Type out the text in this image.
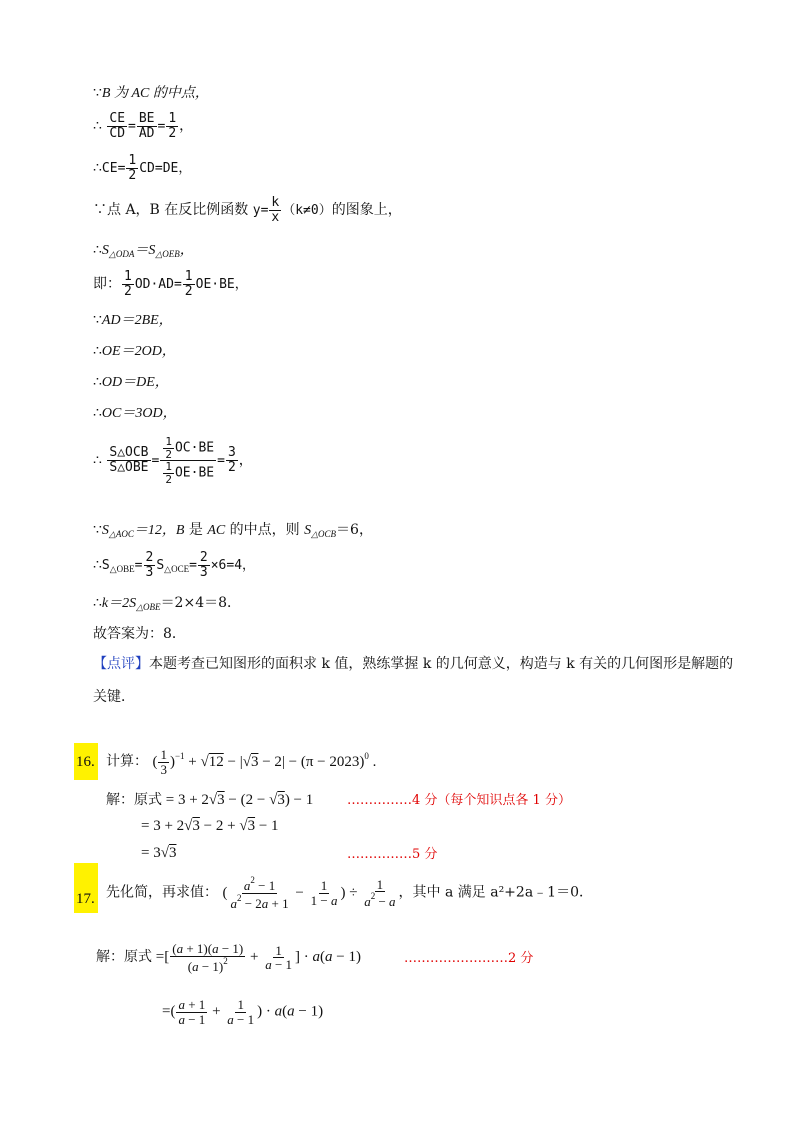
∵B 为 AC 的中点，
∴ $\frac{CE}{CD} = \frac{BE}{AD} = \frac{1}{2}$ ，
∴CE= $\frac{1}{2} CD=DE$，
∵点 A，B 在反比例函数 $y= \frac{k}{x} (k\ne 0)$的图象上，
$\therefore S_{\triangle ODA}=S_{\triangle OEB}$，
即： $\frac{1}{2} OD\cdot AD= \frac{1}{2} OE\cdot BE$，
∵AD＝2BE，
∴OE＝2OD，
∴OD＝DE，
∴OC＝3OD，
∴ $\frac{\text{S△OCB}}{\text{S△OBE}} = \frac{\frac{1}{2} OC\cdot BE}{\frac{1}{2} OE\cdot BE} = \frac{3}{2}$ ，
$\because S_{\triangle AOC}=12$，B 是 AC 的中点，则 $S_{\triangle OCB}=6$，
$\therefore S_{\triangle OBE}= \frac{2}{3} S_{\triangle OCE}= \frac{2}{3} \times 6=4$，
$\therefore k=2S_{\triangle OBE}=2\times 4=8$．
故答案为：8．
【点评】本题考查已知图形的面积求 k 值，熟练掌握 k 的几何意义，构造与 k 有关的几何图形是解题的
关键．
16. 计算： ( $\frac{1}{3} )^{-1} + √12 - |√3 - 2| - (\pi - 2023)^0$ .
解：原式 = 3 + 2√3 − (2 − √3) − 1	……………4 分（每个知识点各 1 分）
= 3 + 2√3 − 2 + √3 − 1
= 3√3	……………5 分
17. 先化简，再求值： ( $\frac{a^2 - 1}{a^2 - 2a + 1} - \frac{1}{1 - a}$ ) ÷ $\frac{1}{a^2 - a}$ ，其中 a 满足 a²+2a﹣1＝0．
解：原式 =[ $\frac{(a + 1)(a - 1)}{(a - 1)^2} + \frac{1}{a - 1}$ ] · a(a − 1)	……………………2 分
=( $\frac{a + 1}{a - 1} + \frac{1}{a - 1}$ ) · a(a − 1)
